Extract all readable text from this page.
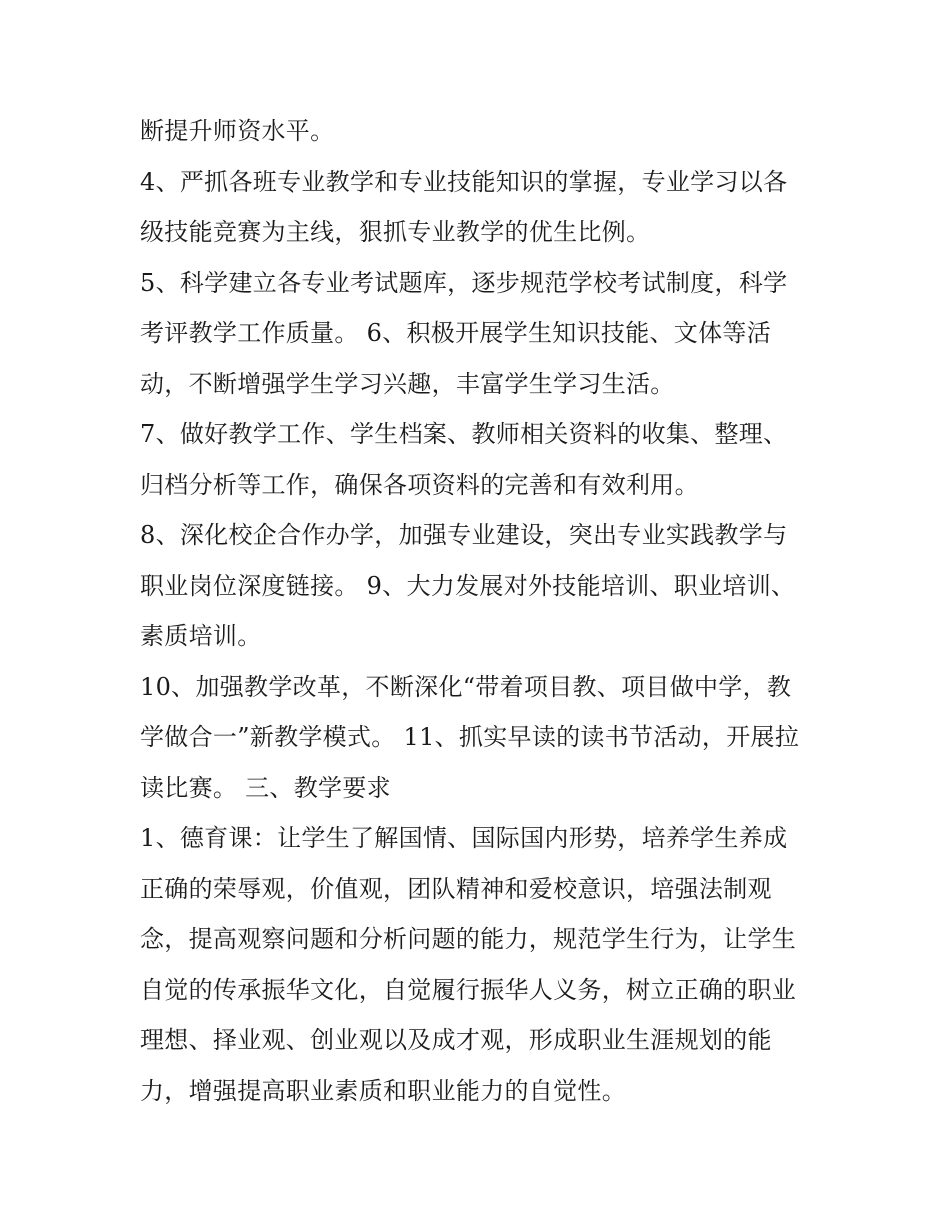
断提升师资水平。
4、严抓各班专业教学和专业技能知识的掌握，专业学习以各
级技能竞赛为主线，狠抓专业教学的优生比例。
5、科学建立各专业考试题库，逐步规范学校考试制度，科学
考评教学工作质量。 6、积极开展学生知识技能、文体等活
动，不断增强学生学习兴趣，丰富学生学习生活。
7、做好教学工作、学生档案、教师相关资料的收集、整理、
归档分析等工作，确保各项资料的完善和有效利用。
8、深化校企合作办学，加强专业建设，突出专业实践教学与
职业岗位深度链接。 9、大力发展对外技能培训、职业培训、
素质培训。
10、加强教学改革，不断深化“带着项目教、项目做中学，教
学做合一”新教学模式。 11、抓实早读的读书节活动，开展拉
读比赛。 三、教学要求
1、德育课：让学生了解国情、国际国内形势，培养学生养成
正确的荣辱观，价值观，团队精神和爱校意识，培强法制观
念，提高观察问题和分析问题的能力，规范学生行为，让学生
自觉的传承振华文化，自觉履行振华人义务，树立正确的职业
理想、择业观、创业观以及成才观，形成职业生涯规划的能
力，增强提高职业素质和职业能力的自觉性。
